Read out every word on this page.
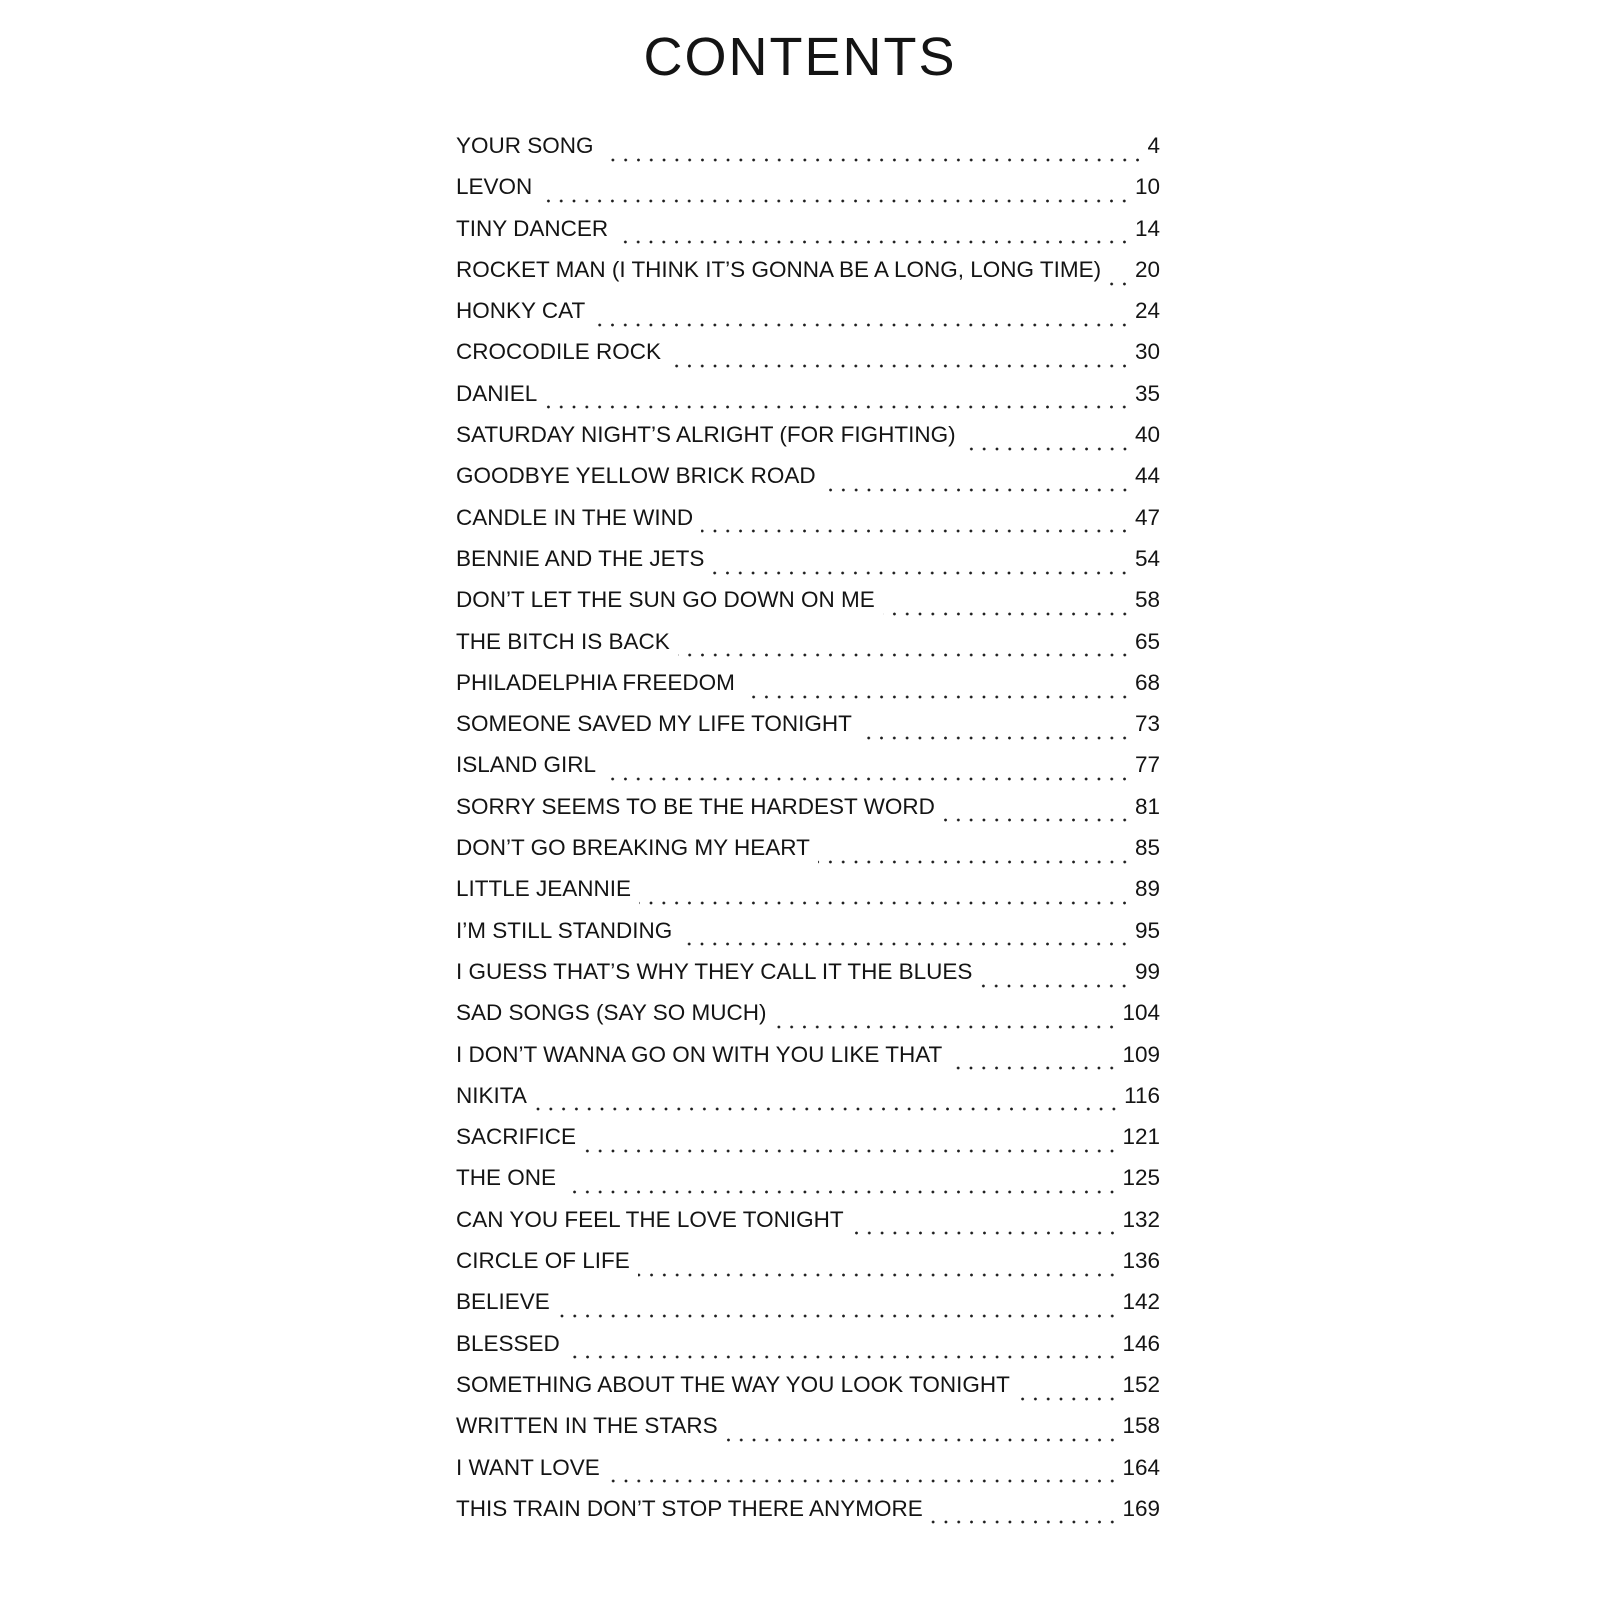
CONTENTS
YOUR SONG	4
LEVON	10
TINY DANCER	14
ROCKET MAN (I THINK IT’S GONNA BE A LONG, LONG TIME)	20
HONKY CAT	24
CROCODILE ROCK	30
DANIEL	35
SATURDAY NIGHT’S ALRIGHT (FOR FIGHTING)	40
GOODBYE YELLOW BRICK ROAD	44
CANDLE IN THE WIND	47
BENNIE AND THE JETS	54
DON’T LET THE SUN GO DOWN ON ME	58
THE BITCH IS BACK	65
PHILADELPHIA FREEDOM	68
SOMEONE SAVED MY LIFE TONIGHT	73
ISLAND GIRL	77
SORRY SEEMS TO BE THE HARDEST WORD	81
DON’T GO BREAKING MY HEART	85
LITTLE JEANNIE	89
I’M STILL STANDING	95
I GUESS THAT’S WHY THEY CALL IT THE BLUES	99
SAD SONGS (SAY SO MUCH)	104
I DON’T WANNA GO ON WITH YOU LIKE THAT	109
NIKITA	116
SACRIFICE	121
THE ONE	125
CAN YOU FEEL THE LOVE TONIGHT	132
CIRCLE OF LIFE	136
BELIEVE	142
BLESSED	146
SOMETHING ABOUT THE WAY YOU LOOK TONIGHT	152
WRITTEN IN THE STARS	158
I WANT LOVE	164
THIS TRAIN DON’T STOP THERE ANYMORE	169
